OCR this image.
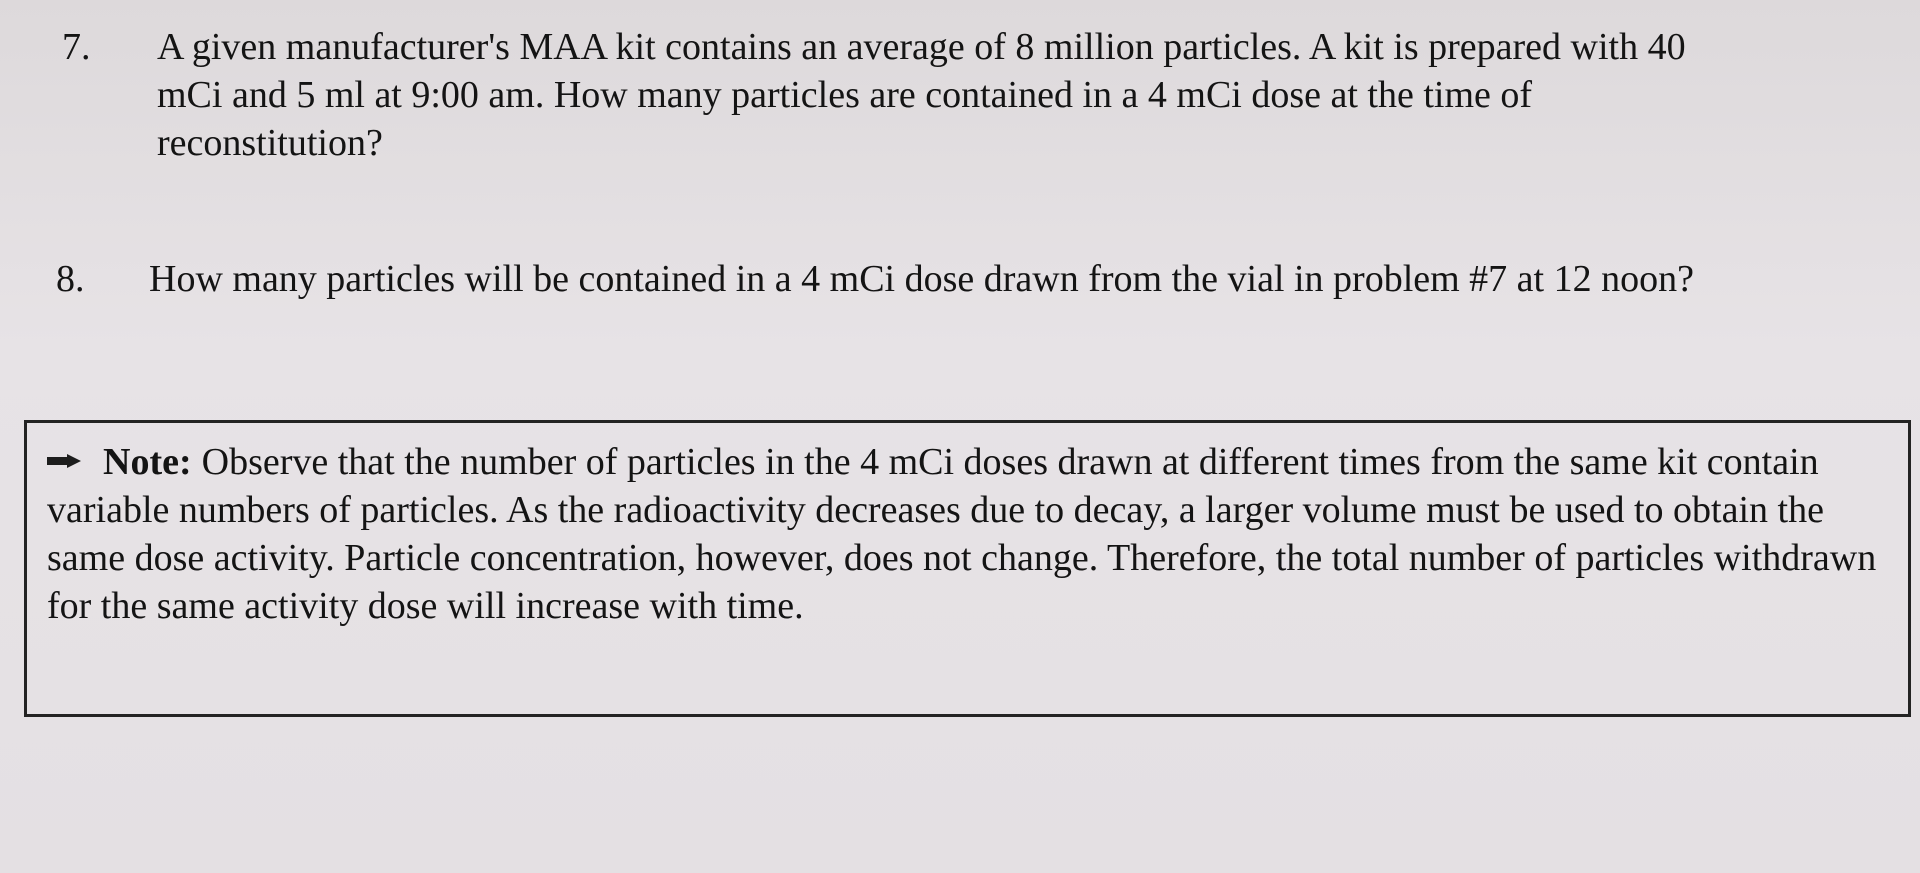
7. A given manufacturer's MAA kit contains an average of 8 million particles. A kit is prepared with 40 mCi and 5 ml at 9:00 am. How many particles are contained in a 4 mCi dose at the time of reconstitution?
8. How many particles will be contained in a 4 mCi dose drawn from the vial in problem #7 at 12 noon?
Note: Observe that the number of particles in the 4 mCi doses drawn at different times from the same kit contain variable numbers of particles. As the radioactivity decreases due to decay, a larger volume must be used to obtain the same dose activity. Particle concentration, however, does not change. Therefore, the total number of particles withdrawn for the same activity dose will increase with time.
